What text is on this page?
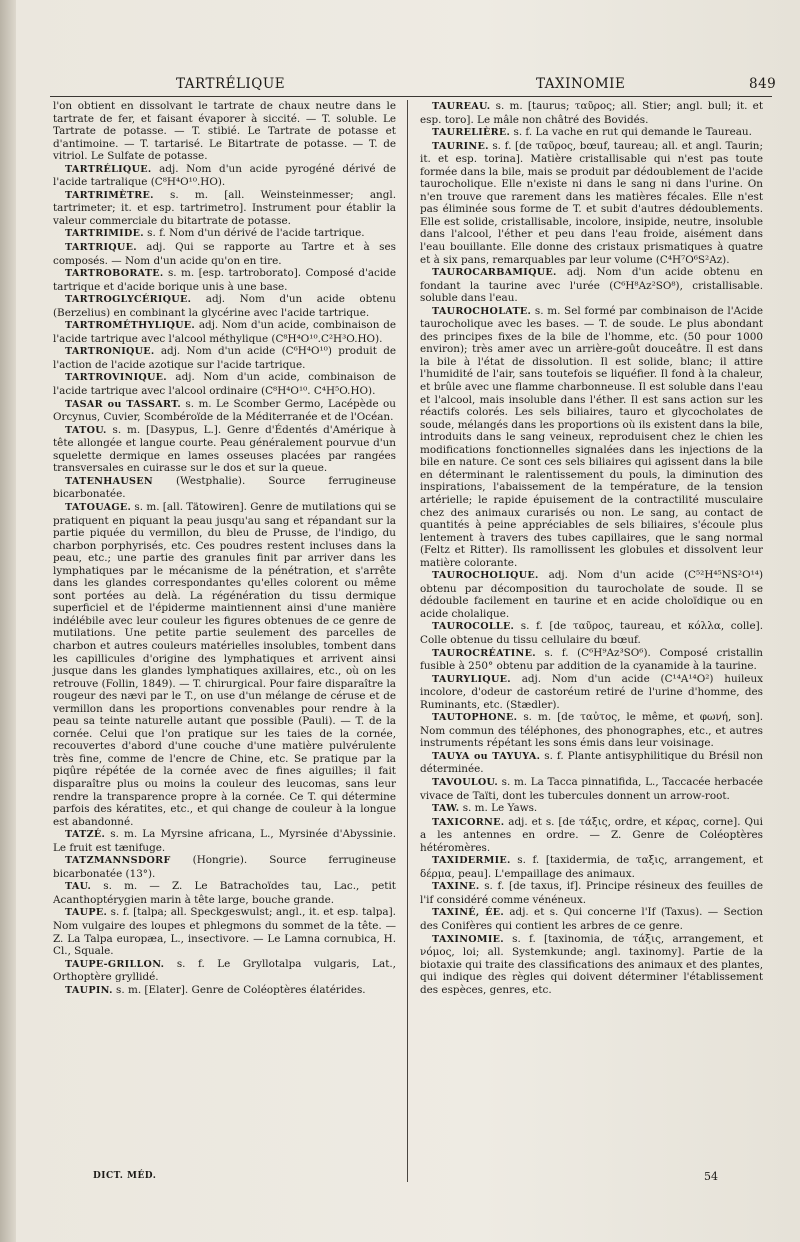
TARTRÉLIQUE	TAXINOMIE	849

l'on obtient en dissolvant le tartrate de chaux neutre dans le tartrate de fer, et faisant évaporer à siccité. — T. soluble. Le Tartrate de potasse. — T. stibié. Le Tartrate de potasse et d'antimoine. — T. tartarisé. Le Bitartrate de potasse. — T. de vitriol. Le Sulfate de potasse.

TARTRÉLIQUE. adj. Nom d'un acide pyrogéné dérivé de l'acide tartralique (C⁸H⁴O¹⁰.HO).

TARTRIMÈTRE. s. m. [all. Weinsteinmesser; angl. tartrimeter; it. et esp. tartrimetro]. Instrument pour établir la valeur commerciale du bitartrate de potasse.

TARTRIMIDE. s. f. Nom d'un dérivé de l'acide tartrique.

TARTRIQUE. adj. Qui se rapporte au Tartre et à ses composés. — Nom d'un acide qu'on en tire.

TARTROBORATE. s. m. [esp. tartroborato]. Composé d'acide tartrique et d'acide borique unis à une base.

TARTROGLYCÉRIQUE. adj. Nom d'un acide obtenu (Berzelius) en combinant la glycérine avec l'acide tartrique.

TARTROMÉTHYLIQUE. adj. Nom d'un acide, combinaison de l'acide tartrique avec l'alcool méthylique (C⁸H⁴O¹⁰.C²H³O.HO).

TARTRONIQUE. adj. Nom d'un acide (C⁶H⁴O¹⁰) produit de l'action de l'acide azotique sur l'acide tartrique.

TARTROVINIQUE. adj. Nom d'un acide, combinaison de l'acide tartrique avec l'alcool ordinaire (C⁸H⁴O¹⁰. C⁴H⁵O.HO).

TASAR ou TASSART. s. m. Le Scomber Germo, Lacépède ou Orcynus, Cuvier, Scombéroïde de la Méditerranée et de l'Océan.

TATOU. s. m. [Dasypus, L.]. Genre d'Édentés d'Amérique à tête allongée et langue courte. Peau généralement pourvue d'un squelette dermique en lames osseuses placées par rangées transversales en cuirasse sur le dos et sur la queue.

TATENHAUSEN (Westphalie). Source ferrugineuse bicarbonatée.

TATOUAGE. s. m. [all. Tätowiren]. Genre de mutilations qui se pratiquent en piquant la peau jusqu'au sang et répandant sur la partie piquée du vermillon, du bleu de Prusse, de l'indigo, du charbon porphyrisés, etc. Ces poudres restent incluses dans la peau, etc.; une partie des granules finit par arriver dans les lymphatiques par le mécanisme de la pénétration, et s'arrête dans les glandes correspondantes qu'elles colorent ou même sont portées au delà. La régénération du tissu dermique superficiel et de l'épiderme maintiennent ainsi d'une manière indélébile avec leur couleur les figures obtenues de ce genre de mutilations. Une petite partie seulement des parcelles de charbon et autres couleurs matérielles insolubles, tombent dans les capillicules d'origine des lymphatiques et arrivent ainsi jusque dans les glandes lymphatiques axillaires, etc., où on les retrouve (Follin, 1849). — T. chirurgical. Pour faire disparaître la rougeur des nævi par le T., on use d'un mélange de céruse et de vermillon dans les proportions convenables pour rendre à la peau sa teinte naturelle autant que possible (Pauli). — T. de la cornée. Celui que l'on pratique sur les taies de la cornée, recouvertes d'abord d'une couche d'une matière pulvérulente très fine, comme de l'encre de Chine, etc. Se pratique par la piqûre répétée de la cornée avec de fines aiguilles; il fait disparaître plus ou moins la couleur des leucomas, sans leur rendre la transparence propre à la cornée. Ce T. qui détermine parfois des kératites, etc., et qui change de couleur à la longue est abandonné.

TATZÉ. s. m. La Myrsine africana, L., Myrsinée d'Abyssinie. Le fruit est tænifuge.

TATZMANNSDORF (Hongrie). Source ferrugineuse bicarbonatée (13°).

TAU. s. m. — Z. Le Batrachoïdes tau, Lac., petit Acanthoptérygien marin à tête large, bouche grande.

TAUPE. s. f. [talpa; all. Speckgeswulst; angl., it. et esp. talpa]. Nom vulgaire des loupes et phlegmons du sommet de la tête. — Z. La Talpa europæa, L., insectivore. — Le Lamna cornubica, H. Cl., Squale.

TAUPE-GRILLON. s. f. Le Gryllotalpa vulgaris, Lat., Orthoptère gryllidé.

TAUPIN. s. m. [Elater]. Genre de Coléoptères élatérides.

TAUREAU. s. m. [taurus; ταῦρος; all. Stier; angl. bull; it. et esp. toro]. Le mâle non châtré des Bovidés.

TAURELIÈRE. s. f. La vache en rut qui demande le Taureau.

TAURINE. s. f. [de ταῦρος, bœuf, taureau; all. et angl. Taurin; it. et esp. torina]. Matière cristallisable qui n'est pas toute formée dans la bile, mais se produit par dédoublement de l'acide taurocholique. Elle n'existe ni dans le sang ni dans l'urine. On n'en trouve que rarement dans les matières fécales. Elle n'est pas éliminée sous forme de T. et subit d'autres dédoublements. Elle est solide, cristallisable, incolore, insipide, neutre, insoluble dans l'alcool, l'éther et peu dans l'eau froide, aisément dans l'eau bouillante. Elle donne des cristaux prismatiques à quatre et à six pans, remarquables par leur volume (C⁴H⁷O⁶S²Az).

TAUROCARBAMIQUE. adj. Nom d'un acide obtenu en fondant la taurine avec l'urée (C⁶H⁸Az²SO⁸), cristallisable. soluble dans l'eau.

TAUROCHOLATE. s. m. Sel formé par combinaison de l'Acide taurocholique avec les bases. — T. de soude. Le plus abondant des principes fixes de la bile de l'homme, etc. (50 pour 1000 environ); très amer avec un arrière-goût douceâtre. Il est dans la bile à l'état de dissolution. Il est solide, blanc; il attire l'humidité de l'air, sans toutefois se liquéfier. Il fond à la chaleur, et brûle avec une flamme charbonneuse. Il est soluble dans l'eau et l'alcool, mais insoluble dans l'éther. Il est sans action sur les réactifs colorés. Les sels biliaires, tauro et glycocholates de soude, mélangés dans les proportions où ils existent dans la bile, introduits dans le sang veineux, reproduisent chez le chien les modifications fonctionnelles signalées dans les injections de la bile en nature. Ce sont ces sels biliaires qui agissent dans la bile en déterminant le ralentissement du pouls, la diminution des inspirations, l'abaissement de la température, de la tension artérielle; le rapide épuisement de la contractilité musculaire chez des animaux curarisés ou non. Le sang, au contact de quantités à peine appréciables de sels biliaires, s'écoule plus lentement à travers des tubes capillaires, que le sang normal (Feltz et Ritter). Ils ramollissent les globules et dissolvent leur matière colorante.

TAUROCHOLIQUE. adj. Nom d'un acide (C⁵²H⁴⁵NS²O¹⁴) obtenu par décomposition du taurocholate de soude. Il se dédouble facilement en taurine et en acide choloïdique ou en acide cholalique.

TAUROCOLLE. s. f. [de ταῦρος, taureau, et κόλλα, colle]. Colle obtenue du tissu cellulaire du bœuf.

TAUROCRÉATINE. s. f. (C⁶H⁹Az³SO⁶). Composé cristallin fusible à 250° obtenu par addition de la cyanamide à la taurine.

TAURYLIQUE. adj. Nom d'un acide (C¹⁴A¹⁴O²) huileux incolore, d'odeur de castoréum retiré de l'urine d'homme, des Ruminants, etc. (Stædler).

TAUTOPHONE. s. m. [de ταὐτος, le même, et φωνή, son]. Nom commun des téléphones, des phonographes, etc., et autres instruments répétant les sons émis dans leur voisinage.

TAUYA ou TAYUYA. s. f. Plante antisyphilitique du Brésil non déterminée.

TAVOULOU. s. m. La Tacca pinnatifida, L., Taccacée herbacée vivace de Taïti, dont les tubercules donnent un arrow-root.

TAW. s. m. Le Yaws.

TAXICORNE. adj. et s. [de τάξις, ordre, et κέρας, corne]. Qui a les antennes en ordre. — Z. Genre de Coléoptères hétéromères.

TAXIDERMIE. s. f. [taxidermia, de ταξις, arrangement, et δέρμα, peau]. L'empaillage des animaux.

TAXINE. s. f. [de taxus, if]. Principe résineux des feuilles de l'if considéré comme vénéneux.

TAXINÉ, ÉE. adj. et s. Qui concerne l'If (Taxus). — Section des Conifères qui contient les arbres de ce genre.

TAXINOMIE. s. f. [taxinomia, de τάξις, arrangement, et νόμος, loi; all. Systemkunde; angl. taxinomy]. Partie de la biotaxie qui traite des classifications des animaux et des plantes, qui indique des règles qui doivent déterminer l'établissement des espèces, genres, etc.

DICT. MÉD.	54
